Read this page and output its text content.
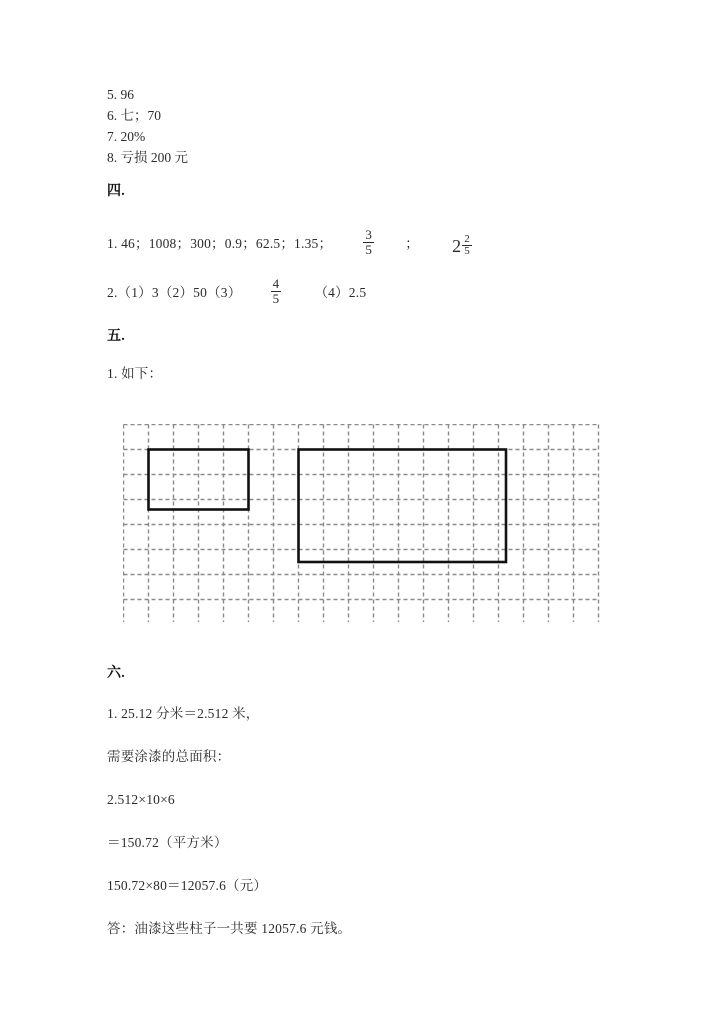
5. 96
6. 七；70
7. 20%
8. 亏损 200 元
四.
1. 46；1008；300；0.9；62.5；1.35； $\frac{3}{5}$ ； $2 \frac{2}{5}$
$2.(1)3(2)50(3) \frac{4}{5} (4)2.5$
五.
1. 如下：
六.
1. 25.12 分米＝2.512 米，
需要涂漆的总面积：
2.512×10×6
＝150.72（平方米）
150.72×80＝12057.6（元）
答：油漆这些柱子一共要 12057.6 元钱。
